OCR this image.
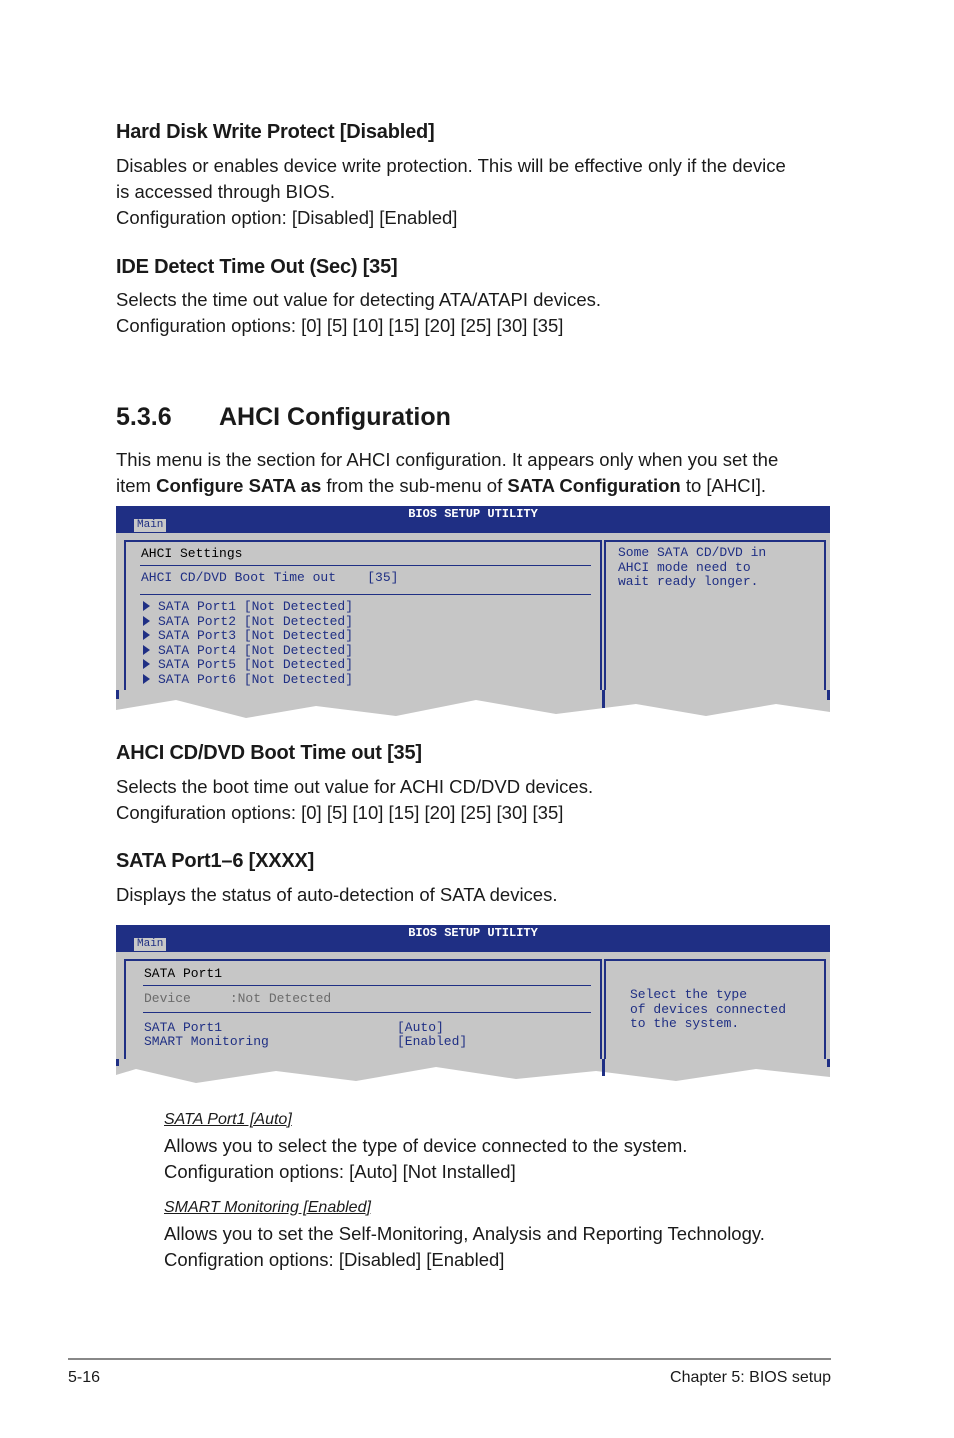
Hard Disk Write Protect [Disabled]
Disables or enables device write protection. This will be effective only if the device
is accessed through BIOS.
Configuration option: [Disabled] [Enabled]
IDE Detect Time Out (Sec) [35]
Selects the time out value for detecting ATA/ATAPI devices.
Configuration options: [0] [5] [10] [15] [20] [25] [30] [35]
5.3.6 AHCI Configuration
This menu is the section for AHCI configuration. It appears only when you set the
item Configure SATA as from the sub-menu of SATA Configuration to [AHCI].
BIOS SETUP UTILITY
Main
AHCI Settings
AHCI CD/DVD Boot Time out    [35]
SATA Port1 [Not Detected]
SATA Port2 [Not Detected]
SATA Port3 [Not Detected]
SATA Port4 [Not Detected]
SATA Port5 [Not Detected]
SATA Port6 [Not Detected]
Some SATA CD/DVD in
AHCI mode need to
wait ready longer.
AHCI CD/DVD Boot Time out [35]
Selects the boot time out value for ACHI CD/DVD devices.
Congifuration options: [0] [5] [10] [15] [20] [25] [30] [35]
SATA Port1–6 [XXXX]
Displays the status of auto-detection of SATA devices.
BIOS SETUP UTILITY
Main
SATA Port1
Device     :Not Detected
SATA Port1	[Auto]
SMART Monitoring	[Enabled]
Select the type
of devices connected
to the system.
SATA Port1 [Auto]
Allows you to select the type of device connected to the system.
Configuration options: [Auto] [Not Installed]
SMART Monitoring [Enabled]
Allows you to set the Self-Monitoring, Analysis and Reporting Technology.
Configration options: [Disabled] [Enabled]
5-16	Chapter 5: BIOS setup
